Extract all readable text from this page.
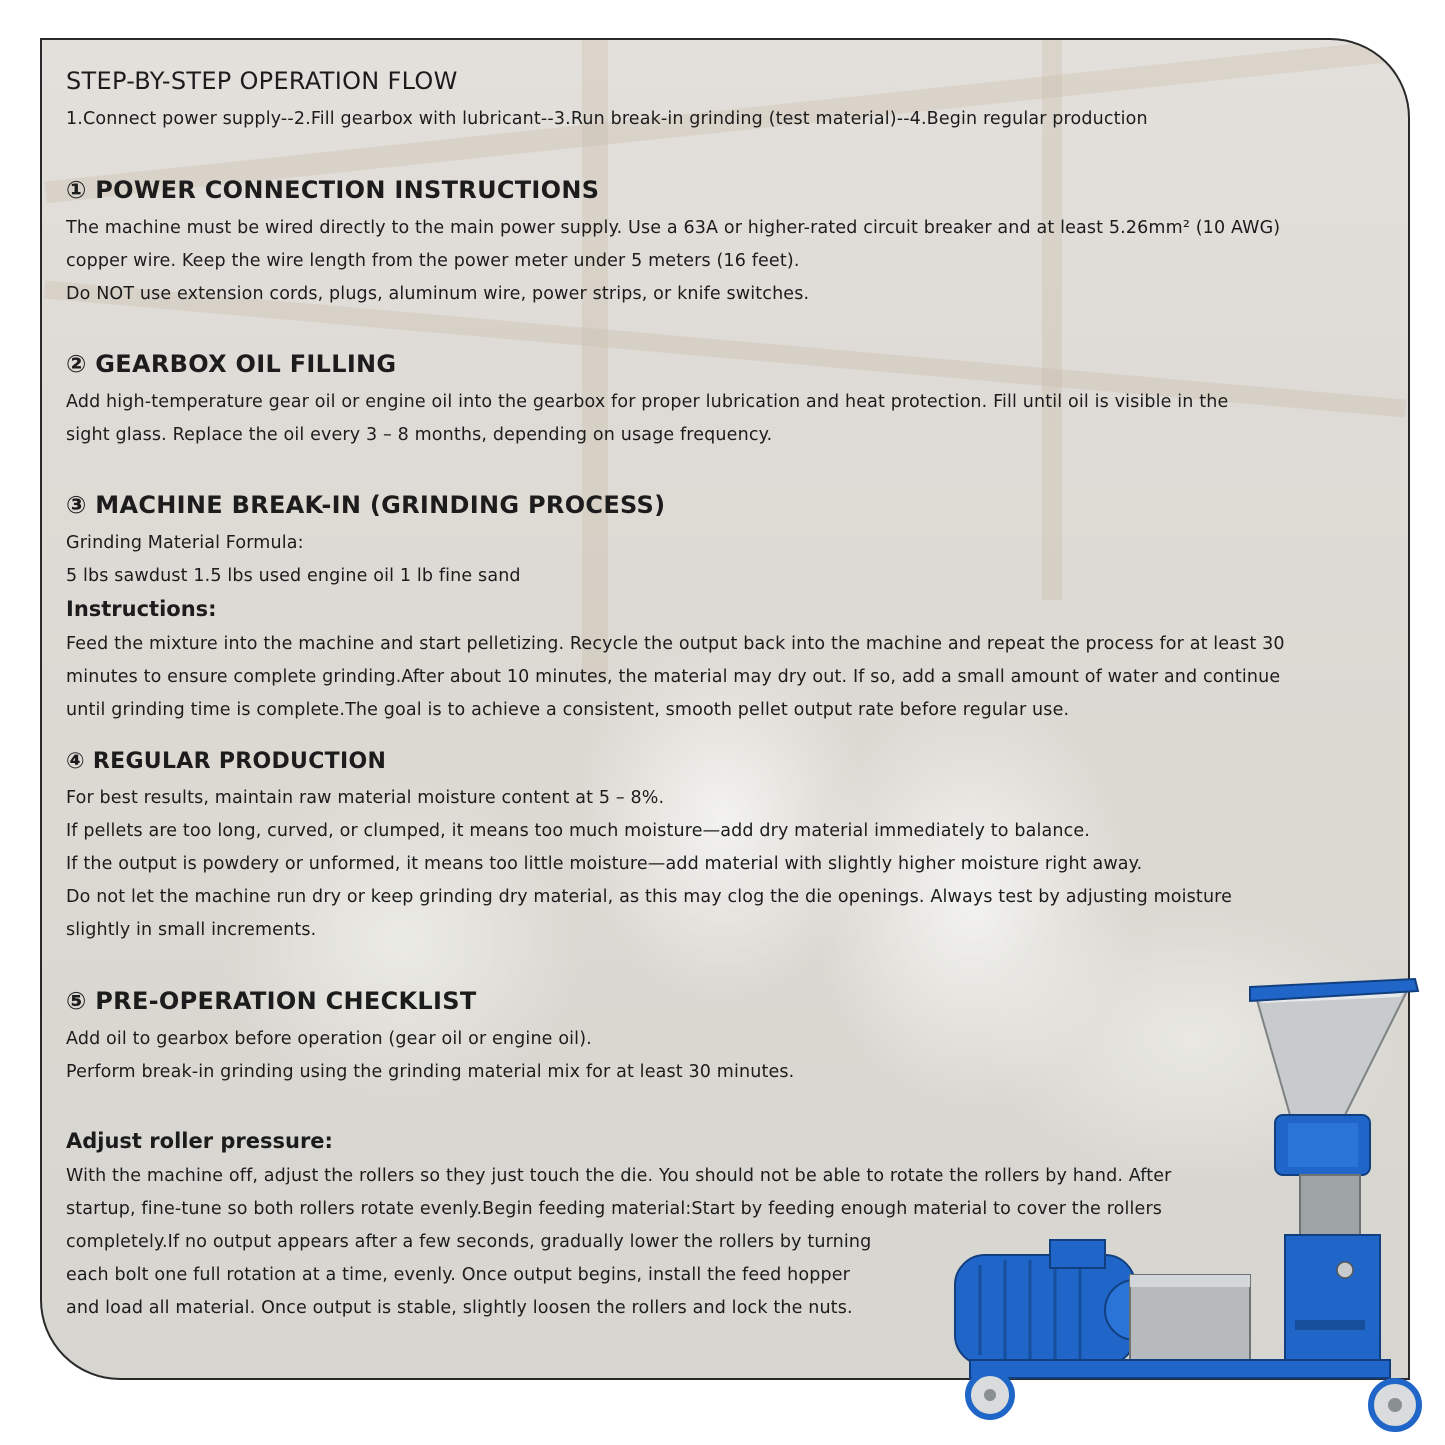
STEP-BY-STEP OPERATION FLOW

1.Connect power supply--2.Fill gearbox with lubricant--3.Run break-in grinding (test material)--4.Begin regular production

① POWER CONNECTION INSTRUCTIONS

The machine must be wired directly to the main power supply. Use a 63A or higher-rated circuit breaker and at least 5.26mm² (10 AWG)

copper wire. Keep the wire length from the power meter under 5 meters (16 feet).

Do NOT use extension cords, plugs, aluminum wire, power strips, or knife switches.

② GEARBOX OIL FILLING

Add high-temperature gear oil or engine oil into the gearbox for proper lubrication and heat protection. Fill until oil is visible in the

sight glass. Replace the oil every 3 – 8 months, depending on usage frequency.

③ MACHINE BREAK-IN (GRINDING PROCESS)

Grinding Material Formula:

5 lbs sawdust 1.5 lbs used engine oil 1 lb fine sand

Instructions:

Feed the mixture into the machine and start pelletizing. Recycle the output back into the machine and repeat the process for at least 30

minutes to ensure complete grinding.After about 10 minutes, the material may dry out. If so, add a small amount of water and continue

until grinding time is complete.The goal is to achieve a consistent, smooth pellet output rate before regular use.

④ REGULAR PRODUCTION

For best results, maintain raw material moisture content at 5 – 8%.

If pellets are too long, curved, or clumped, it means too much moisture—add dry material immediately to balance.

If the output is powdery or unformed, it means too little moisture—add material with slightly higher moisture right away.

Do not let the machine run dry or keep grinding dry material, as this may clog the die openings. Always test by adjusting moisture

slightly in small increments.

⑤ PRE-OPERATION CHECKLIST

Add oil to gearbox before operation (gear oil or engine oil).

Perform break-in grinding using the grinding material mix for at least 30 minutes.

Adjust roller pressure:

With the machine off, adjust the rollers so they just touch the die. You should not be able to rotate the rollers by hand. After

startup, fine-tune so both rollers rotate evenly.Begin feeding material:Start by feeding enough material to cover the rollers

completely.If no output appears after a few seconds, gradually lower the rollers by turning

each bolt one full rotation at a time, evenly. Once output begins, install the feed hopper

and load all material. Once output is stable, slightly loosen the rollers and lock the nuts.
